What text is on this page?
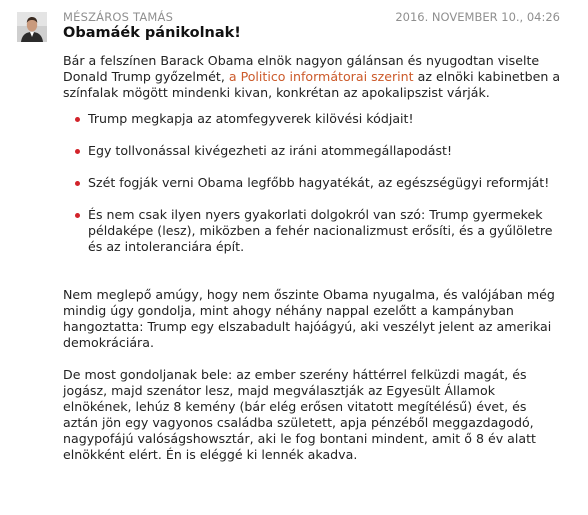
MÉSZÁROS TAMÁS	2016. NOVEMBER 10., 04:26
Obamáék pánikolnak!

Bár a felszínen Barack Obama elnök nagyon gálánsan és nyugodtan viselte Donald Trump győzelmét, a Politico informátorai szerint az elnöki kabinetben a színfalak mögött mindenki kivan, konkrétan az apokalipszist várják.

Trump megkapja az atomfegyverek kilövési kódjait!
Egy tollvonással kivégezheti az iráni atommegállapodást!
Szét fogják verni Obama legfőbb hagyatékát, az egészségügyi reformját!
És nem csak ilyen nyers gyakorlati dolgokról van szó: Trump gyermekek példaképe (lesz), miközben a fehér nacionalizmust erősíti, és a gyűlöletre és az intoleranciára épít.

Nem meglepő amúgy, hogy nem őszinte Obama nyugalma, és valójában még mindig úgy gondolja, mint ahogy néhány nappal ezelőtt a kampányban hangoztatta: Trump egy elszabadult hajóágyú, aki veszélyt jelent az amerikai demokráciára.

De most gondoljanak bele: az ember szerény háttérrel felküzdi magát, és jogász, majd szenátor lesz, majd megválasztják az Egyesült Államok elnökének, lehúz 8 kemény (bár elég erősen vitatott megítélésű) évet, és aztán jön egy vagyonos családba született, apja pénzéből meggazdagodó, nagypofájú valóságshowsztár, aki le fog bontani mindent, amit ő 8 év alatt elnökként elért. Én is eléggé ki lennék akadva.
